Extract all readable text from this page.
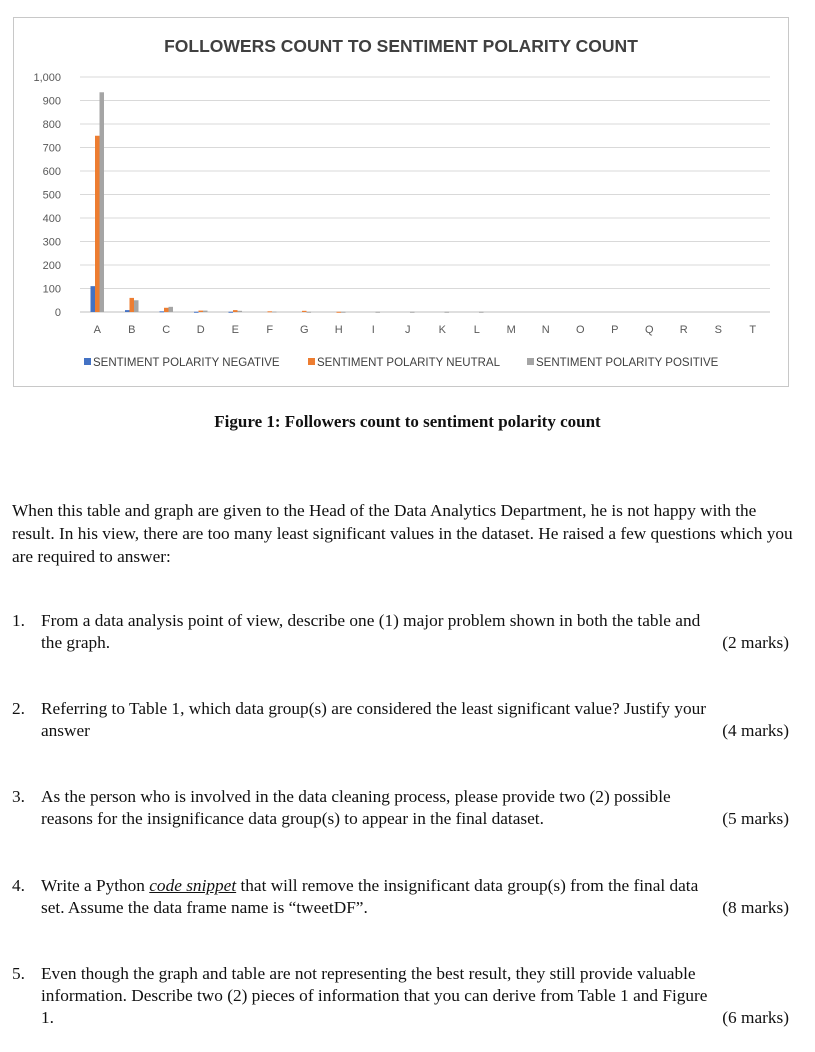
FOLLOWERS COUNT TO SENTIMENT POLARITY COUNT
0
100
200
300
400
500
600
700
800
900
1,000
A B C D E F G H	I	J	K	L M N O P Q R S T
SENTIMENT POLARITY NEGATIVE	SENTIMENT POLARITY NEUTRAL	SENTIMENT POLARITY POSITIVE
Figure 1: Followers count to sentiment polarity count
When this table and graph are given to the Head of the Data Analytics Department, he is not happy with the result. In his view, there are too many least significant values in the dataset. He raised a few questions which you are required to answer:
1. From a data analysis point of view, describe one (1) major problem shown in both the table and the graph.	(2 marks)
2. Referring to Table 1, which data group(s) are considered the least significant value? Justify your answer	(4 marks)
3. As the person who is involved in the data cleaning process, please provide two (2) possible reasons for the insignificance data group(s) to appear in the final dataset.	(5 marks)
4. Write a Python code snippet that will remove the insignificant data group(s) from the final data set. Assume the data frame name is “tweetDF”.	(8 marks)
5. Even though the graph and table are not representing the best result, they still provide valuable information. Describe two (2) pieces of information that you can derive from Table 1 and Figure 1.	(6 marks)
